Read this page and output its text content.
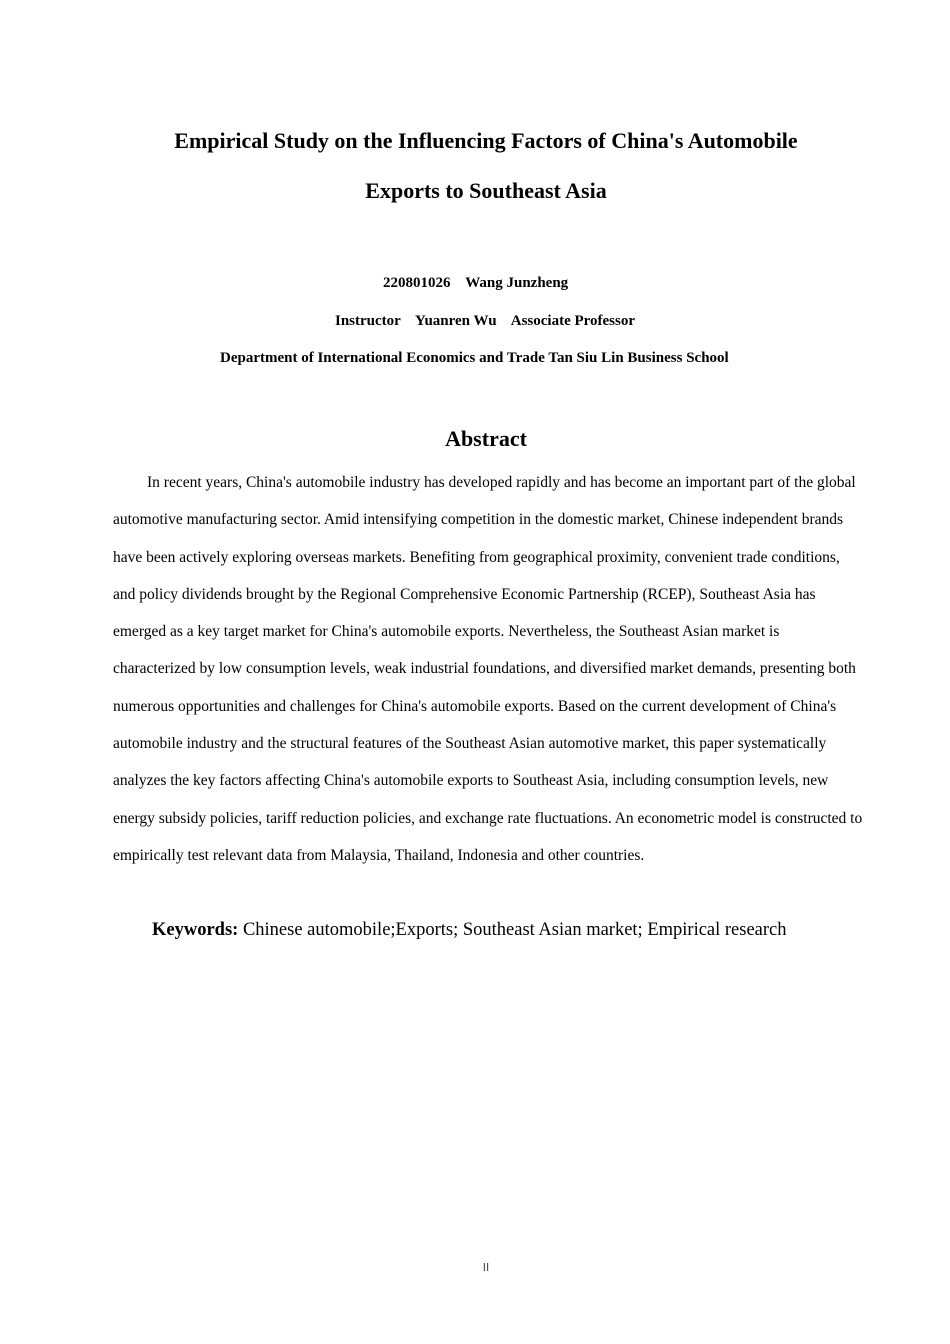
Empirical Study on the Influencing Factors of China's Automobile
Exports to Southeast Asia
220801026    Wang Junzheng
Instructor    Yuanren Wu    Associate Professor
Department of International Economics and Trade Tan Siu Lin Business School
Abstract

In recent years, China's automobile industry has developed rapidly and has become an important part of the global automotive manufacturing sector. Amid intensifying competition in the domestic market, Chinese independent brands have been actively exploring overseas markets. Benefiting from geographical proximity, convenient trade conditions, and policy dividends brought by the Regional Comprehensive Economic Partnership (RCEP), Southeast Asia has emerged as a key target market for China's automobile exports. Nevertheless, the Southeast Asian market is characterized by low consumption levels, weak industrial foundations, and diversified market demands, presenting both numerous opportunities and challenges for China's automobile exports. Based on the current development of China's automobile industry and the structural features of the Southeast Asian automotive market, this paper systematically analyzes the key factors affecting China's automobile exports to Southeast Asia, including consumption levels, new energy subsidy policies, tariff reduction policies, and exchange rate fluctuations. An econometric model is constructed to empirically test relevant data from Malaysia, Thailand, Indonesia and other countries.

Keywords: Chinese automobile;Exports; Southeast Asian market; Empirical research
II
